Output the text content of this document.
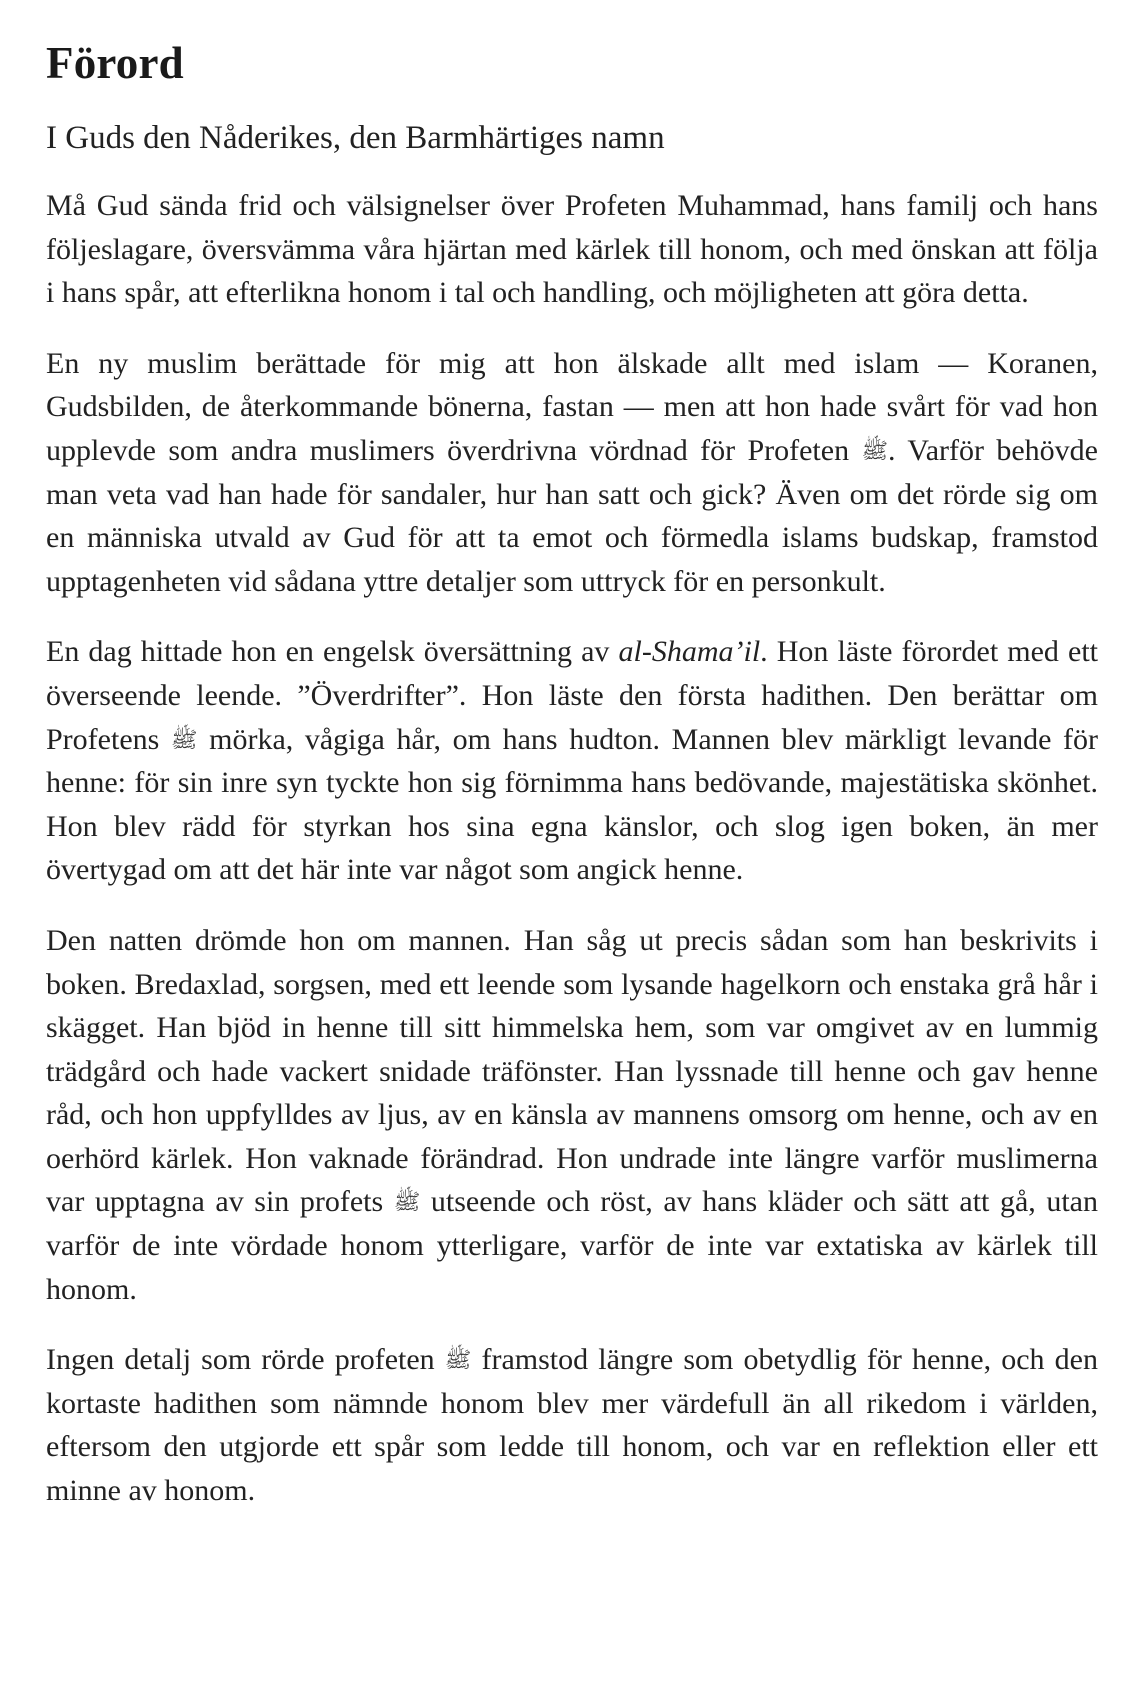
Förord

I Guds den Nåderikes, den Barmhärtiges namn

Må Gud sända frid och välsignelser över Profeten Muhammad, hans familj och hans följeslagare, översvämma våra hjärtan med kärlek till honom, och med önskan att följa i hans spår, att efterlikna honom i tal och handling, och möjligheten att göra detta.

En ny muslim berättade för mig att hon älskade allt med islam — Koranen, Gudsbilden, de återkommande bönerna, fastan — men att hon hade svårt för vad hon upplevde som andra muslimers överdrivna vördnad för Profeten ﷺ. Varför behövde man veta vad han hade för sandaler, hur han satt och gick? Även om det rörde sig om en människa utvald av Gud för att ta emot och förmedla islams budskap, framstod upptagenheten vid sådana yttre detaljer som uttryck för en personkult.

En dag hittade hon en engelsk översättning av al-Shama’il. Hon läste förordet med ett överseende leende. ”Överdrifter”. Hon läste den första hadithen. Den berättar om Profetens ﷺ mörka, vågiga hår, om hans hudton. Mannen blev märkligt levande för henne: för sin inre syn tyckte hon sig förnimma hans bedövande, majestätiska skönhet. Hon blev rädd för styrkan hos sina egna känslor, och slog igen boken, än mer övertygad om att det här inte var något som angick henne.

Den natten drömde hon om mannen. Han såg ut precis sådan som han beskrivits i boken. Bredaxlad, sorgsen, med ett leende som lysande hagelkorn och enstaka grå hår i skägget. Han bjöd in henne till sitt himmelska hem, som var omgivet av en lummig trädgård och hade vackert snidade träfönster. Han lyssnade till henne och gav henne råd, och hon uppfylldes av ljus, av en känsla av mannens omsorg om henne, och av en oerhörd kärlek. Hon vaknade förändrad. Hon undrade inte längre varför muslimerna var upptagna av sin profets ﷺ utseende och röst, av hans kläder och sätt att gå, utan varför de inte vördade honom ytterligare, varför de inte var extatiska av kärlek till honom.

Ingen detalj som rörde profeten ﷺ framstod längre som obetydlig för henne, och den kortaste hadithen som nämnde honom blev mer värdefull än all rikedom i världen, eftersom den utgjorde ett spår som ledde till honom, och var en reflektion eller ett minne av honom.
